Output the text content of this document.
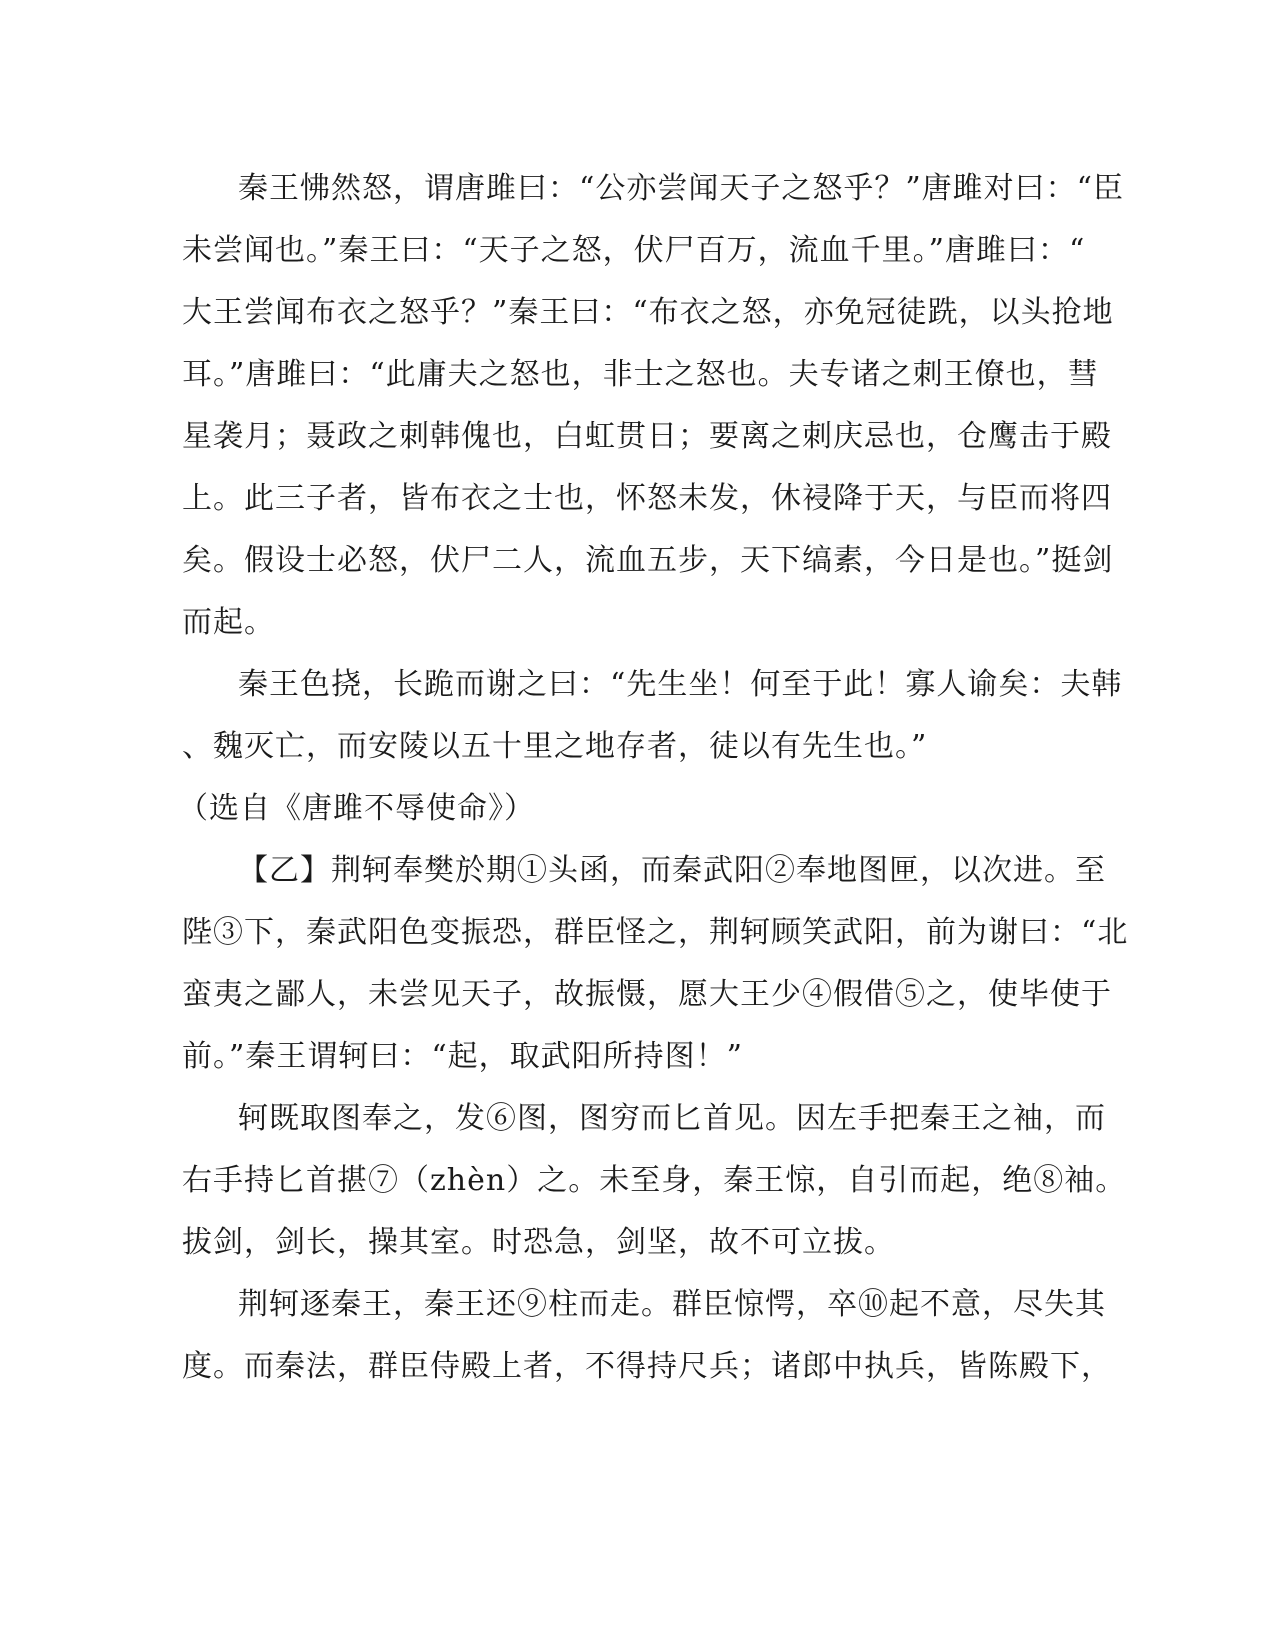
秦王怫然怒，谓唐雎曰：“公亦尝闻天子之怒乎？”唐雎对曰：“臣
未尝闻也。”秦王曰：“天子之怒，伏尸百万，流血千里。”唐雎曰：“
大王尝闻布衣之怒乎？”秦王曰：“布衣之怒，亦免冠徒跣，以头抢地
耳。”唐雎曰：“此庸夫之怒也，非士之怒也。夫专诸之刺王僚也，彗
星袭月；聂政之刺韩傀也，白虹贯日；要离之刺庆忌也，仓鹰击于殿
上。此三子者，皆布衣之士也，怀怒未发，休祲降于天，与臣而将四
矣。假设士必怒，伏尸二人，流血五步，天下缟素，今日是也。”挺剑
而起。
秦王色挠，长跪而谢之曰：“先生坐！何至于此！寡人谕矣：夫韩
、魏灭亡，而安陵以五十里之地存者，徒以有先生也。”
（选自《唐雎不辱使命》）
【乙】荆轲奉樊於期①头函，而秦武阳②奉地图匣，以次进。至
陛③下，秦武阳色变振恐，群臣怪之，荆轲顾笑武阳，前为谢曰：“北
蛮夷之鄙人，未尝见天子，故振慑，愿大王少④假借⑤之，使毕使于
前。”秦王谓轲曰：“起，取武阳所持图！”
轲既取图奉之，发⑥图，图穷而匕首见。因左手把秦王之袖，而
右手持匕首揕⑦（zhèn）之。未至身，秦王惊，自引而起，绝⑧袖。
拔剑，剑长，操其室。时恐急，剑坚，故不可立拔。
荆轲逐秦王，秦王还⑨柱而走。群臣惊愕，卒⑩起不意，尽失其
度。而秦法，群臣侍殿上者，不得持尺兵；诸郎中执兵，皆陈殿下，
